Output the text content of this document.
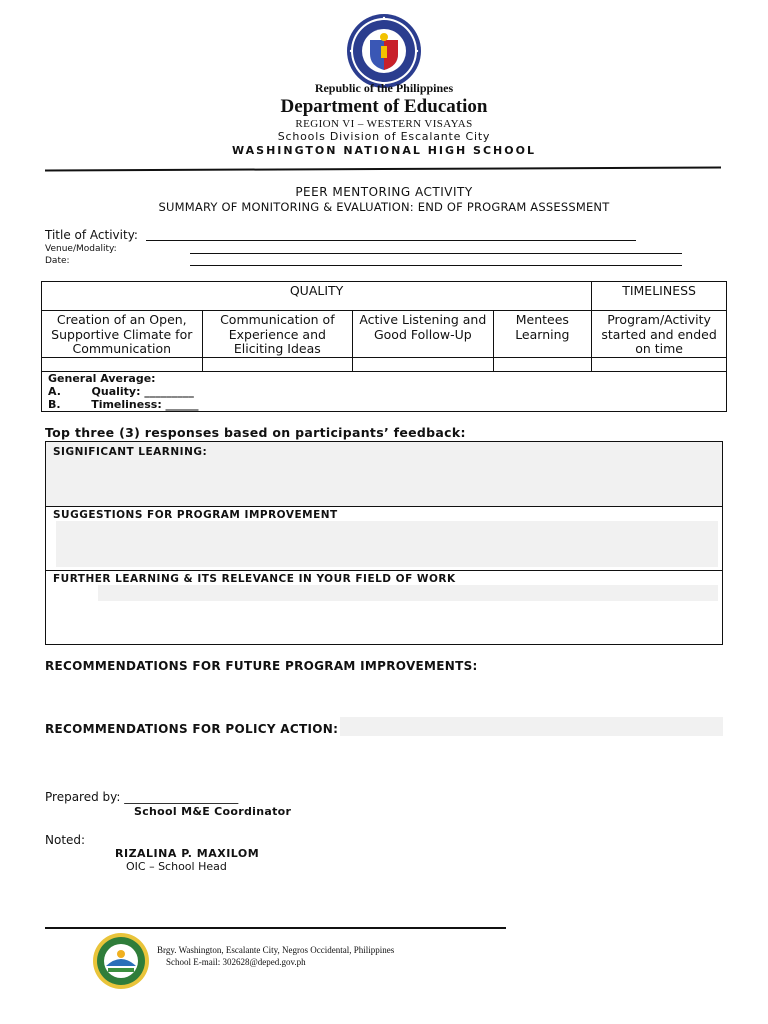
Republic of the Philippines
Department of Education
REGION VI – WESTERN VISAYAS
Schools Division of Escalante City
WASHINGTON NATIONAL HIGH SCHOOL
PEER MENTORING ACTIVITY
SUMMARY OF MONITORING & EVALUATION: END OF PROGRAM ASSESSMENT
Title of Activity:
Venue/Modality:
Date:
QUALITY				TIMELINESS
Creation of an Open, Supportive Climate for Communication	Communication of Experience and Eliciting Ideas	Active Listening and Good Follow-Up	Mentees Learning	Program/Activity started and ended on time

General Average:
A.        Quality: _________
B.        Timeliness: ______				
Top three (3) responses based on participants’ feedback:
SIGNIFICANT LEARNING:
SUGGESTIONS FOR PROGRAM IMPROVEMENT
FURTHER LEARNING & ITS RELEVANCE IN YOUR FIELD OF WORK
RECOMMENDATIONS FOR FUTURE PROGRAM IMPROVEMENTS:
RECOMMENDATIONS FOR POLICY ACTION:
Prepared by: ___________________
School M&E Coordinator
Noted:
RIZALINA P. MAXILOM
OIC – School Head
Brgy. Washington, Escalante City, Negros Occidental, Philippines
School E-mail: 302628@deped.gov.ph
